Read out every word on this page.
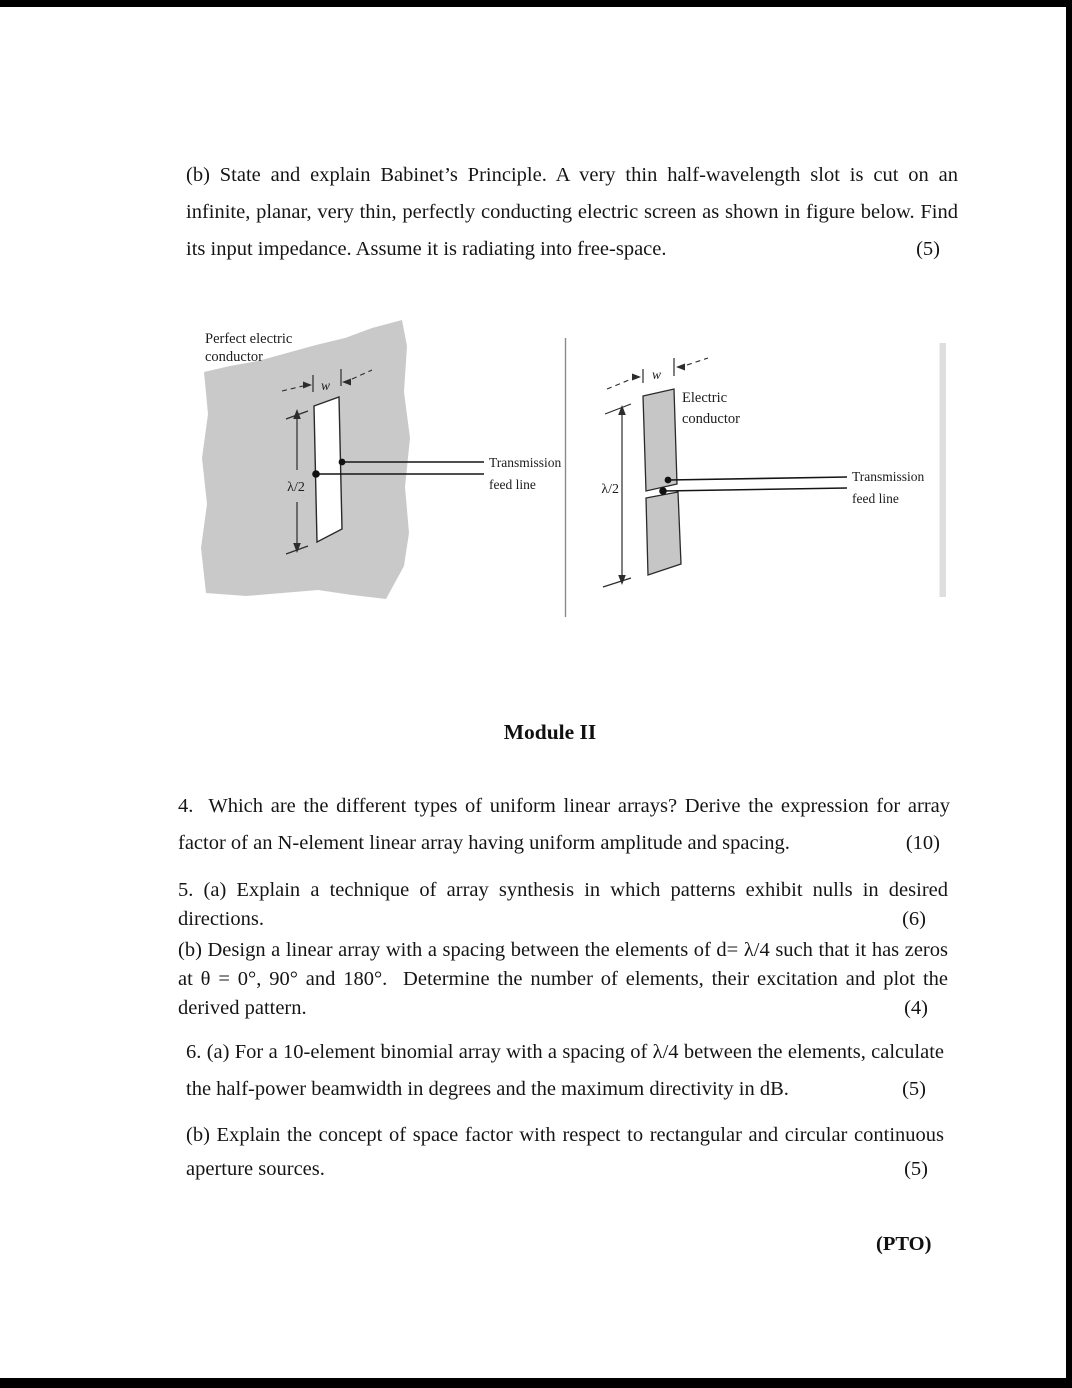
(b) State and explain Babinet’s Principle. A very thin half-wavelength slot is cut on an infinite, planar, very thin, perfectly conducting electric screen as shown in figure below. Find its input impedance. Assume it is radiating into free-space.	(5)
w
λ/2
Perfect electric
conductor
Transmission
feed line
w
λ/2
Electric
conductor
Transmission
feed line
Module II
4.  Which are the different types of uniform linear arrays? Derive the expression for array factor of an N-element linear array having uniform amplitude and spacing.	(10)
5. (a) Explain a technique of array synthesis in which patterns exhibit nulls in desired directions.	(6)
(b) Design a linear array with a spacing between the elements of d= λ/4 such that it has zeros at θ = 0°, 90° and 180°.  Determine the number of elements, their excitation and plot the derived pattern.	(4)
6. (a) For a 10-element binomial array with a spacing of λ/4 between the elements, calculate the half-power beamwidth in degrees and the maximum directivity in dB.	(5)
(b) Explain the concept of space factor with respect to rectangular and circular continuous aperture sources.	(5)
(PTO)
